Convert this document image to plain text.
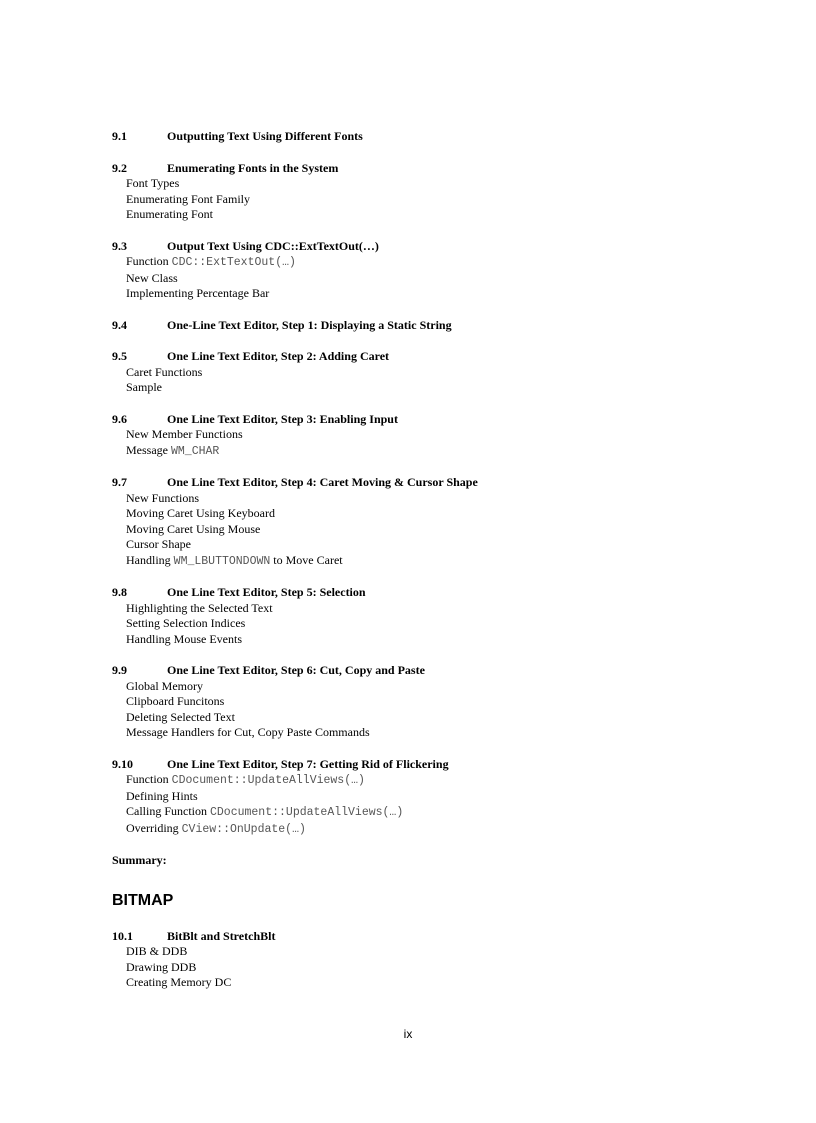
9.1	Outputting Text Using Different Fonts
9.2	Enumerating Fonts in the System
Font Types
Enumerating Font Family
Enumerating Font
9.3	Output Text Using CDC::ExtTextOut(…)
Function CDC::ExtTextOut(…)
New Class
Implementing Percentage Bar
9.4	One-Line Text Editor, Step 1: Displaying a Static String
9.5	One Line Text Editor, Step 2: Adding Caret
Caret Functions
Sample
9.6	One Line Text Editor, Step 3: Enabling Input
New Member Functions
Message WM_CHAR
9.7	One Line Text Editor, Step 4: Caret Moving & Cursor Shape
New Functions
Moving Caret Using Keyboard
Moving Caret Using Mouse
Cursor Shape
Handling WM_LBUTTONDOWN to Move Caret
9.8	One Line Text Editor, Step 5: Selection
Highlighting the Selected Text
Setting Selection Indices
Handling Mouse Events
9.9	One Line Text Editor, Step 6: Cut, Copy and Paste
Global Memory
Clipboard Funcitons
Deleting Selected Text
Message Handlers for Cut, Copy Paste Commands
9.10	One Line Text Editor, Step 7: Getting Rid of Flickering
Function CDocument::UpdateAllViews(…)
Defining Hints
Calling Function CDocument::UpdateAllViews(…)
Overriding CView::OnUpdate(…)
Summary:
BITMAP
10.1	BitBlt and StretchBlt
DIB & DDB
Drawing DDB
Creating Memory DC
ix
